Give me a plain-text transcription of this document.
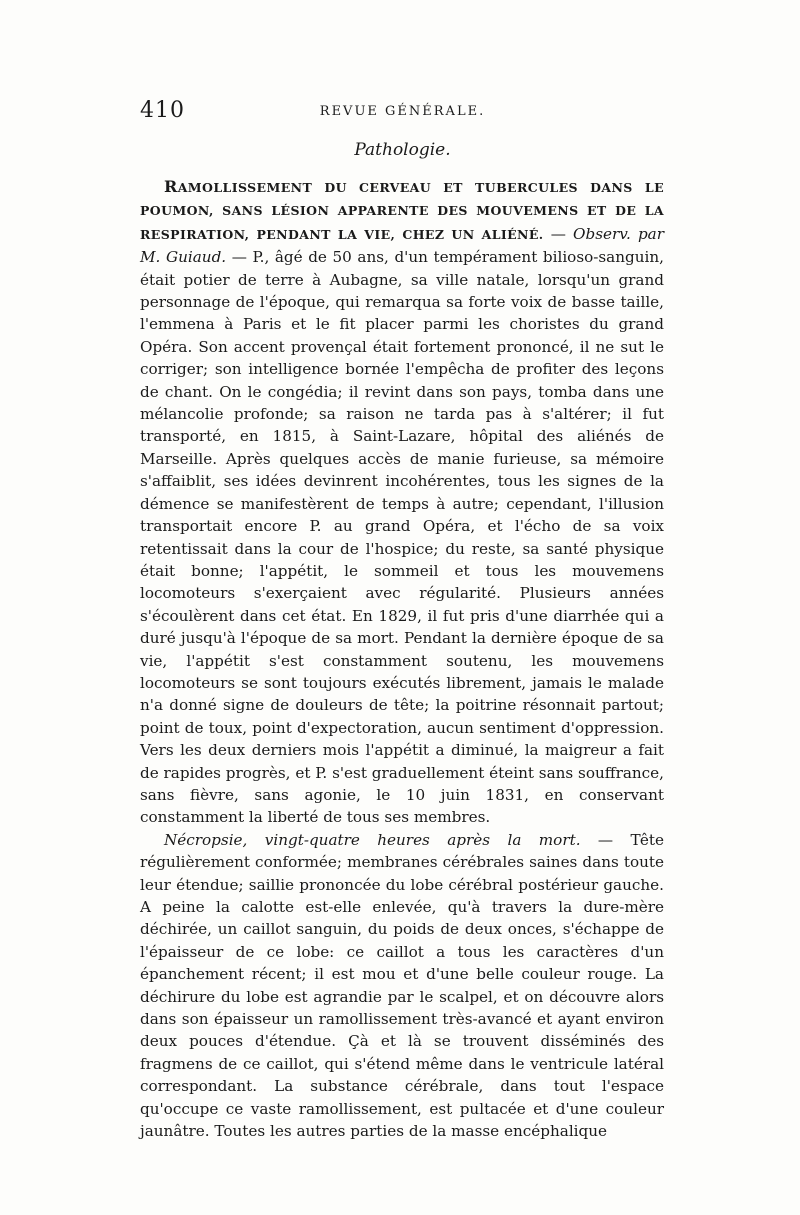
410	REVUE GÉNÉRALE.
Pathologie.

RAMOLLISSEMENT DU CERVEAU ET TUBERCULES DANS LE POUMON, SANS LÉSION APPARENTE DES MOUVEMENS ET DE LA RESPIRATION, PENDANT LA VIE, CHEZ UN ALIÉNÉ. — Observ. par M. Guiaud. — P., âgé de 50 ans, d'un tempérament bilioso-sanguin, était potier de terre à Aubagne, sa ville natale, lorsqu'un grand personnage de l'époque, qui remarqua sa forte voix de basse taille, l'emmena à Paris et le fit placer parmi les choristes du grand Opéra. Son accent provençal était fortement prononcé, il ne sut le corriger; son intelligence bornée l'empêcha de profiter des leçons de chant. On le congédia; il revint dans son pays, tomba dans une mélancolie profonde; sa raison ne tarda pas à s'altérer; il fut transporté, en 1815, à Saint-Lazare, hôpital des aliénés de Marseille. Après quelques accès de manie furieuse, sa mémoire s'affaiblit, ses idées devinrent incohérentes, tous les signes de la démence se manifestèrent de temps à autre; cependant, l'illusion transportait encore P. au grand Opéra, et l'écho de sa voix retentissait dans la cour de l'hospice; du reste, sa santé physique était bonne; l'appétit, le sommeil et tous les mouvemens locomoteurs s'exerçaient avec régularité. Plusieurs années s'écoulèrent dans cet état. En 1829, il fut pris d'une diarrhée qui a duré jusqu'à l'époque de sa mort. Pendant la dernière époque de sa vie, l'appétit s'est constamment soutenu, les mouvemens locomoteurs se sont toujours exécutés librement, jamais le malade n'a donné signe de douleurs de tête; la poitrine résonnait partout; point de toux, point d'expectoration, aucun sentiment d'oppression. Vers les deux derniers mois l'appétit a diminué, la maigreur a fait de rapides progrès, et P. s'est graduellement éteint sans souffrance, sans fièvre, sans agonie, le 10 juin 1831, en conservant constamment la liberté de tous ses membres.

Nécropsie, vingt-quatre heures après la mort. — Tête régulièrement conformée; membranes cérébrales saines dans toute leur étendue; saillie prononcée du lobe cérébral postérieur gauche. A peine la calotte est-elle enlevée, qu'à travers la dure-mère déchirée, un caillot sanguin, du poids de deux onces, s'échappe de l'épaisseur de ce lobe: ce caillot a tous les caractères d'un épanchement récent; il est mou et d'une belle couleur rouge. La déchirure du lobe est agrandie par le scalpel, et on découvre alors dans son épaisseur un ramollissement très-avancé et ayant environ deux pouces d'étendue. Çà et là se trouvent disséminés des fragmens de ce caillot, qui s'étend même dans le ventricule latéral correspondant. La substance cérébrale, dans tout l'espace qu'occupe ce vaste ramollissement, est pultacée et d'une couleur jaunâtre. Toutes les autres parties de la masse encéphalique
